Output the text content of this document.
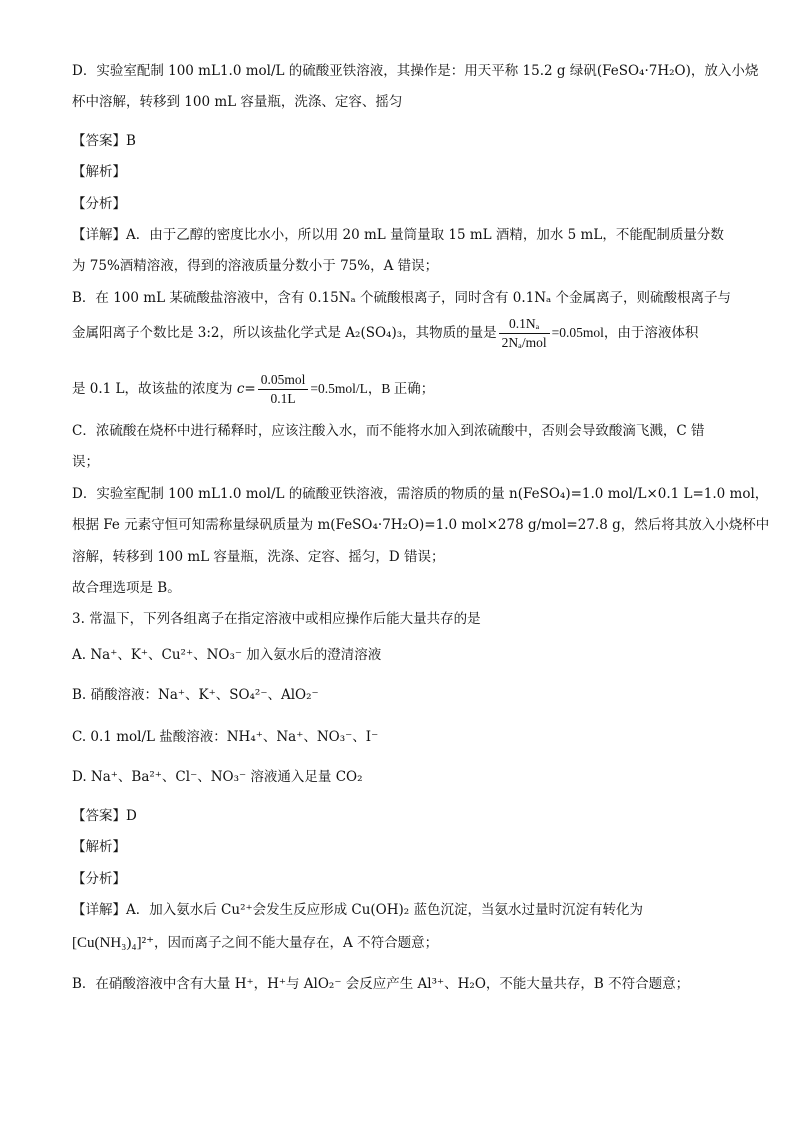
D．实验室配制 100 mL1.0 mol/L 的硫酸亚铁溶液，其操作是：用天平称 15.2 g 绿矾(FeSO₄·7H₂O)，放入小烧
杯中溶解，转移到 100 mL 容量瓶，洗涤、定容、摇匀
【答案】B
【解析】
【分析】
【详解】A．由于乙醇的密度比水小，所以用 20 mL 量筒量取 15 mL 酒精，加水 5 mL，不能配制质量分数
为 75%酒精溶液，得到的溶液质量分数小于 75%，A 错误；
B．在 100 mL 某硫酸盐溶液中，含有 0.15Nₐ 个硫酸根离子，同时含有 0.1Nₐ 个金属离子，则硫酸根离子与
金属阳离子个数比是 3:2，所以该盐化学式是 A₂(SO₄)₃，其物质的量是 $\frac{\text{0.1Nₐ}}{\text{2Nₐ/mol}} =0.05mol$，由于溶液体积
是 0.1 L，故该盐的浓度为 $c= \frac{\text{0.05mol}}{0.1L} =0.5mol/L$，B 正确；
C．浓硫酸在烧杯中进行稀释时，应该注酸入水，而不能将水加入到浓硫酸中，否则会导致酸滴飞溅，C 错
误；
D．实验室配制 100 mL1.0 mol/L 的硫酸亚铁溶液，需溶质的物质的量 n(FeSO₄)=1.0 mol/L×0.1 L=1.0 mol，
根据 Fe 元素守恒可知需称量绿矾质量为 m(FeSO₄·7H₂O)=1.0 mol×278 g/mol=27.8 g，然后将其放入小烧杯中
溶解，转移到 100 mL 容量瓶，洗涤、定容、摇匀，D 错误；
故合理选项是 B。
3. 常温下，下列各组离子在指定溶液中或相应操作后能大量共存的是
A. Na⁺、K⁺、Cu²⁺、NO₃⁻ 加入氨水后的澄清溶液
B. 硝酸溶液：Na⁺、K⁺、SO₄²⁻、AlO₂⁻
C. 0.1 mol/L 盐酸溶液：NH₄⁺、Na⁺、NO₃⁻、I⁻
D. Na⁺、Ba²⁺、Cl⁻、NO₃⁻ 溶液通入足量 CO₂
【答案】D
【解析】
【分析】
【详解】A．加入氨水后 Cu²⁺会发生反应形成 Cu(OH)₂ 蓝色沉淀，当氨水过量时沉淀有转化为
[Cu(NH₃)₄]²⁺，因而离子之间不能大量存在，A 不符合题意；
B．在硝酸溶液中含有大量 H⁺，H⁺与 AlO₂⁻ 会反应产生 Al³⁺、H₂O，不能大量共存，B 不符合题意；
